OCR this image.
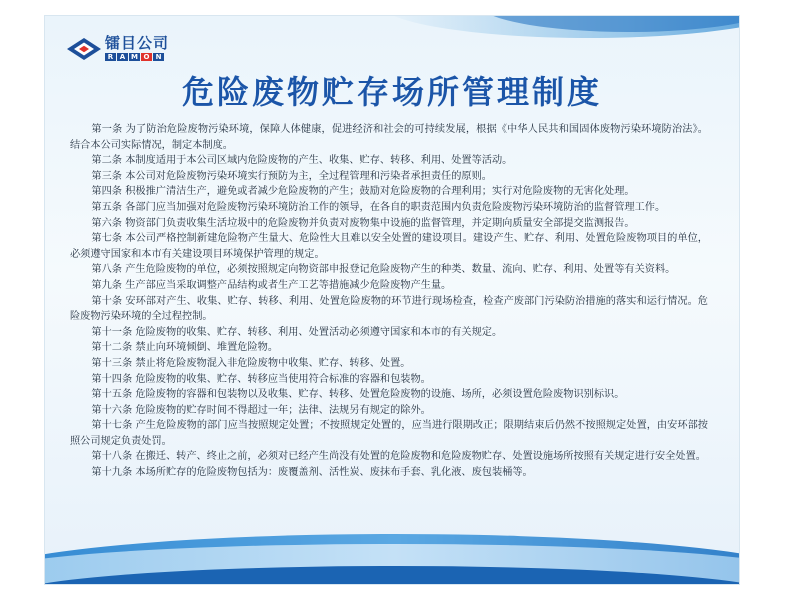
镭目公司
R A M O N
危险废物贮存场所管理制度

第一条 为了防治危险废物污染环境，保障人体健康，促进经济和社会的可持续发展，根据《中华人民共和国固体废物污染环境防治法》。结合本公司实际情况，制定本制度。

第二条 本制度适用于本公司区域内危险废物的产生、收集、贮存、转移、利用、处置等活动。

第三条 本公司对危险废物污染环境实行预防为主，全过程管理和污染者承担责任的原则。

第四条 积极推广清洁生产，避免或者减少危险废物的产生；鼓励对危险废物的合理利用；实行对危险废物的无害化处理。

第五条 各部门应当加强对危险废物污染环境防治工作的领导，在各自的职责范围内负责危险废物污染环境防治的监督管理工作。

第六条 物资部门负责收集生活垃圾中的危险废物并负责对废物集中设施的监督管理，并定期向质量安全部提交监测报告。

第七条 本公司严格控制新建危险物产生量大、危险性大且难以安全处置的建设项目。建设产生、贮存、利用、处置危险废物项目的单位，必须遵守国家和本市有关建设项目环境保护管理的规定。

第八条 产生危险废物的单位，必须按照规定向物资部申报登记危险废物产生的种类、数量、流向、贮存、利用、处置等有关资料。

第九条 生产部应当采取调整产品结构或者生产工艺等措施减少危险废物产生量。

第十条 安环部对产生、收集、贮存、转移、利用、处置危险废物的环节进行现场检查，检查产废部门污染防治措施的落实和运行情况。危险废物污染环境的全过程控制。

第十一条 危险废物的收集、贮存、转移、利用、处置活动必须遵守国家和本市的有关规定。

第十二条 禁止向环境倾倒、堆置危险物。

第十三条 禁止将危险废物混入非危险废物中收集、贮存、转移、处置。

第十四条 危险废物的收集、贮存、转移应当使用符合标准的容器和包装物。

第十五条 危险废物的容器和包装物以及收集、贮存、转移、处置危险废物的设施、场所，必须设置危险废物识别标识。

第十六条 危险废物的贮存时间不得超过一年；法律、法规另有规定的除外。

第十七条 产生危险废物的部门应当按照规定处置；不按照规定处置的，应当进行限期改正；限期结束后仍然不按照规定处置，由安环部按照公司规定负责处罚。

第十八条 在搬迁、转产、终止之前，必须对已经产生尚没有处置的危险废物和危险废物贮存、处置设施场所按照有关规定进行安全处置。

第十九条 本场所贮存的危险废物包括为：废覆盖剂、活性炭、废抹布手套、乳化液、废包装桶等。
